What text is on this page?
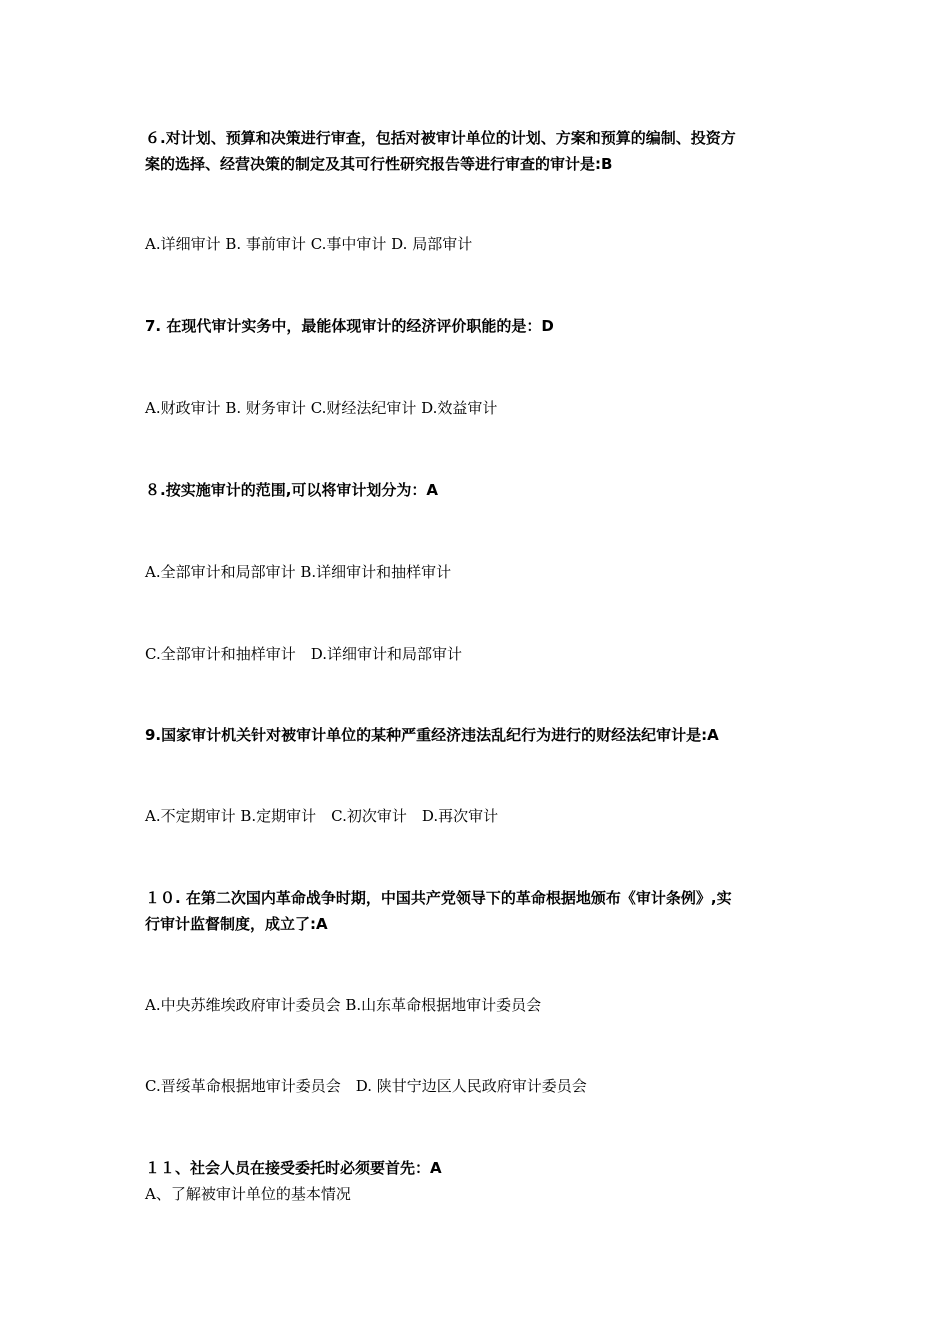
６.对计划、预算和决策进行审查，包括对被审计单位的计划、方案和预算的编制、投资方

案的选择、经营决策的制定及其可行性研究报告等进行审查的审计是:B

A.详细审计 B. 事前审计 C.事中审计 D. 局部审计

7. 在现代审计实务中，最能体现审计的经济评价职能的是：D

A.财政审计 B. 财务审计 C.财经法纪审计 D.效益审计

８.按实施审计的范围,可以将审计划分为：A

A.全部审计和局部审计 B.详细审计和抽样审计

C.全部审计和抽样审计　D.详细审计和局部审计

9.国家审计机关针对被审计单位的某种严重经济违法乱纪行为进行的财经法纪审计是:A

A.不定期审计 B.定期审计　C.初次审计　D.再次审计

１０. 在第二次国内革命战争时期，中国共产党领导下的革命根据地颁布《审计条例》,实

行审计监督制度，成立了:A

A.中央苏维埃政府审计委员会 B.山东革命根据地审计委员会

C.晋绥革命根据地审计委员会　D. 陕甘宁边区人民政府审计委员会

１１、社会人员在接受委托时必须要首先：A

A、了解被审计单位的基本情况
